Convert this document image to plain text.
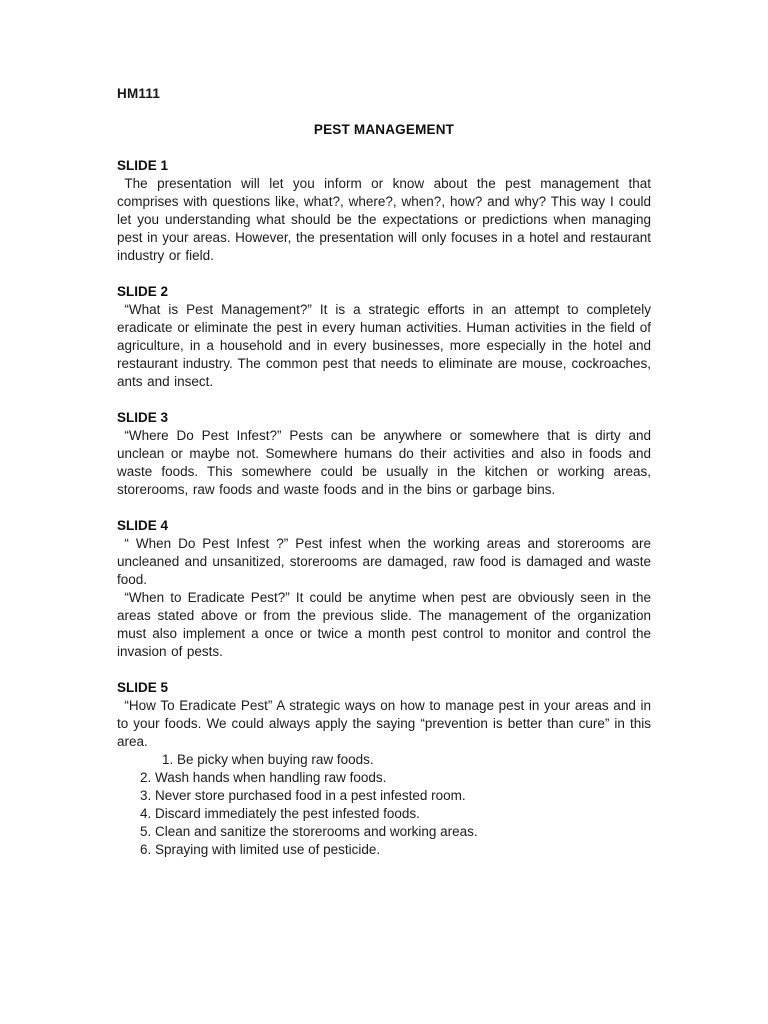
HM111
PEST MANAGEMENT
SLIDE 1

The presentation will let you inform or know about the pest management that comprises with questions like, what?, where?, when?, how? and why? This way I could let you understanding what should be the expectations or predictions when managing pest in your areas. However, the presentation will only focuses in a hotel and restaurant industry or field.

SLIDE 2

“What is Pest Management?” It is a strategic efforts in an attempt to completely eradicate or eliminate the pest in every human activities. Human activities in the field of agriculture, in a household and in every businesses, more especially in the hotel and restaurant industry. The common pest that needs to eliminate are mouse, cockroaches, ants and insect.

SLIDE 3

“Where Do Pest Infest?” Pests can be anywhere or somewhere that is dirty and unclean or maybe not. Somewhere humans do their activities and also in foods and waste foods. This somewhere could be usually in the kitchen or working areas, storerooms, raw foods and waste foods and in the bins or garbage bins.

SLIDE 4

“ When Do Pest Infest ?” Pest infest when the working areas and storerooms are uncleaned and unsanitized, storerooms are damaged, raw food is damaged and waste food.

“When to Eradicate Pest?” It could be anytime when pest are obviously seen in the areas stated above or from the previous slide. The management of the organization must also implement a once or twice a month pest control to monitor and control the invasion of pests.

SLIDE 5

“How To Eradicate Pest” A strategic ways on how to manage pest in your areas and in to your foods. We could always apply the saying “prevention is better than cure” in this area.

1. Be picky when buying raw foods.
2. Wash hands when handling raw foods.
3. Never store purchased food in a pest infested room.
4. Discard immediately the pest infested foods.
5. Clean and sanitize the storerooms and working areas.
6. Spraying with limited use of pesticide.
